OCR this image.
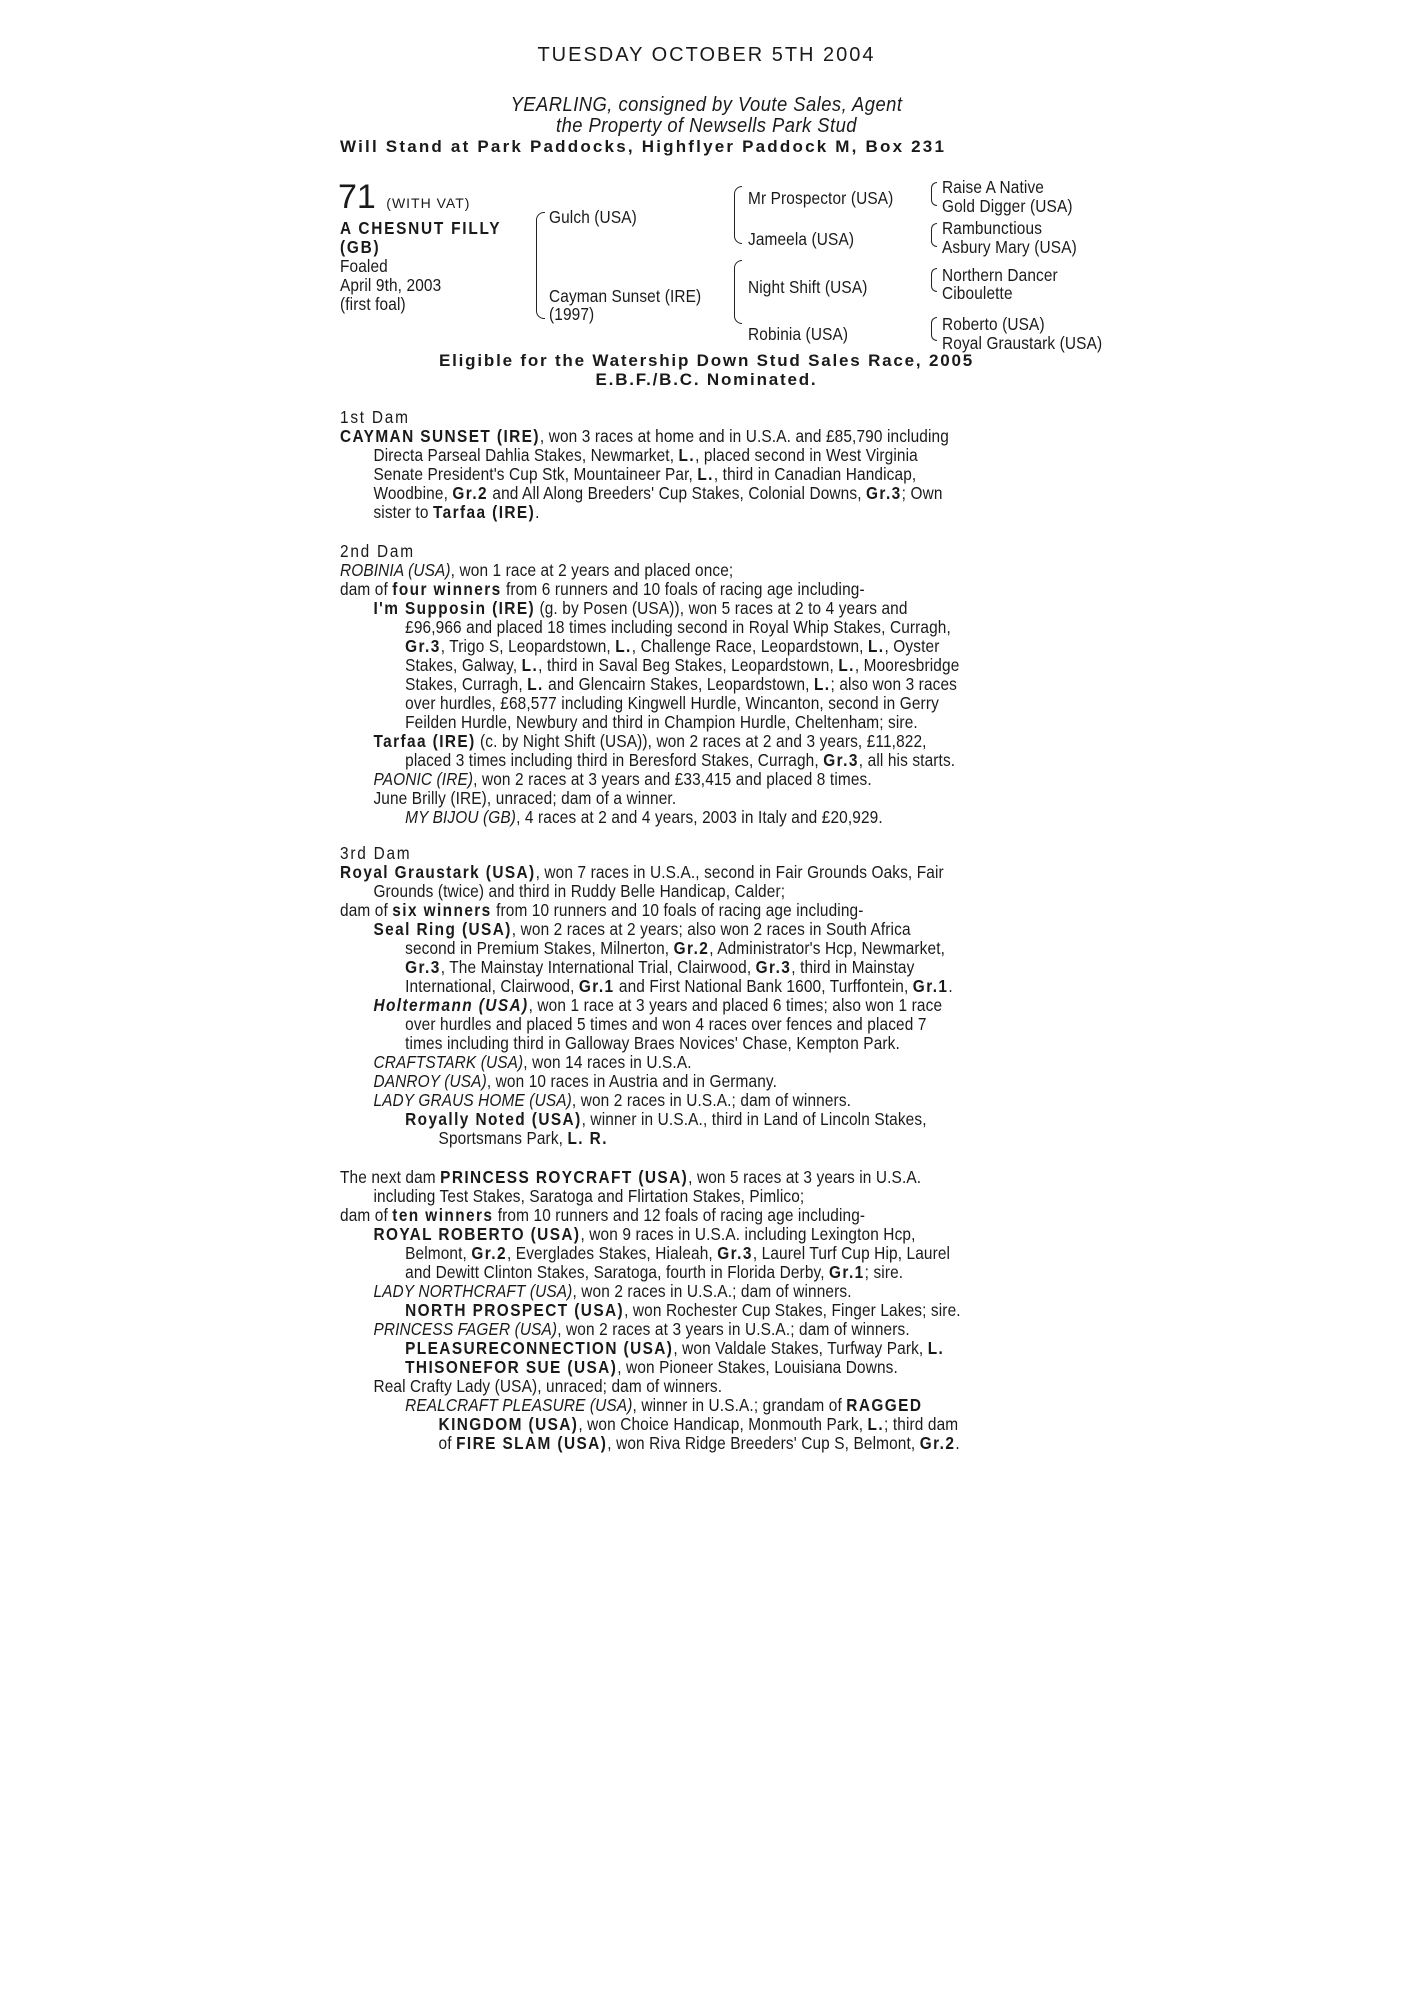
TUESDAY OCTOBER 5TH 2004
YEARLING, consigned by Voute Sales, Agent
the Property of Newsells Park Stud
Will Stand at Park Paddocks, Highflyer Paddock M, Box 231
71 (WITH VAT)
A CHESNUT FILLY
(GB)
Foaled
April 9th, 2003
(first foal)
Gulch (USA)
Cayman Sunset (IRE)
(1997)
Mr Prospector (USA)
Jameela (USA)
Night Shift (USA)
Robinia (USA)
Raise A Native
Gold Digger (USA)
Rambunctious
Asbury Mary (USA)
Northern Dancer
Ciboulette
Roberto (USA)
Royal Graustark (USA)
Eligible for the Watership Down Stud Sales Race, 2005
E.B.F./B.C. Nominated.
1st Dam
CAYMAN SUNSET (IRE), won 3 races at home and in U.S.A. and £85,790 including
Directa Parseal Dahlia Stakes, Newmarket, L., placed second in West Virginia
Senate President's Cup Stk, Mountaineer Par, L., third in Canadian Handicap,
Woodbine, Gr.2 and All Along Breeders' Cup Stakes, Colonial Downs, Gr.3; Own
sister to Tarfaa (IRE).
2nd Dam
ROBINIA (USA), won 1 race at 2 years and placed once;
dam of four winners from 6 runners and 10 foals of racing age including-
I'm Supposin (IRE) (g. by Posen (USA)), won 5 races at 2 to 4 years and
£96,966 and placed 18 times including second in Royal Whip Stakes, Curragh,
Gr.3, Trigo S, Leopardstown, L., Challenge Race, Leopardstown, L., Oyster
Stakes, Galway, L., third in Saval Beg Stakes, Leopardstown, L., Mooresbridge
Stakes, Curragh, L. and Glencairn Stakes, Leopardstown, L.; also won 3 races
over hurdles, £68,577 including Kingwell Hurdle, Wincanton, second in Gerry
Feilden Hurdle, Newbury and third in Champion Hurdle, Cheltenham; sire.
Tarfaa (IRE) (c. by Night Shift (USA)), won 2 races at 2 and 3 years, £11,822,
placed 3 times including third in Beresford Stakes, Curragh, Gr.3, all his starts.
PAONIC (IRE), won 2 races at 3 years and £33,415 and placed 8 times.
June Brilly (IRE), unraced; dam of a winner.
MY BIJOU (GB), 4 races at 2 and 4 years, 2003 in Italy and £20,929.
3rd Dam
Royal Graustark (USA), won 7 races in U.S.A., second in Fair Grounds Oaks, Fair
Grounds (twice) and third in Ruddy Belle Handicap, Calder;
dam of six winners from 10 runners and 10 foals of racing age including-
Seal Ring (USA), won 2 races at 2 years; also won 2 races in South Africa
second in Premium Stakes, Milnerton, Gr.2, Administrator's Hcp, Newmarket,
Gr.3, The Mainstay International Trial, Clairwood, Gr.3, third in Mainstay
International, Clairwood, Gr.1 and First National Bank 1600, Turffontein, Gr.1.
Holtermann (USA), won 1 race at 3 years and placed 6 times; also won 1 race
over hurdles and placed 5 times and won 4 races over fences and placed 7
times including third in Galloway Braes Novices' Chase, Kempton Park.
CRAFTSTARK (USA), won 14 races in U.S.A.
DANROY (USA), won 10 races in Austria and in Germany.
LADY GRAUS HOME (USA), won 2 races in U.S.A.; dam of winners.
Royally Noted (USA), winner in U.S.A., third in Land of Lincoln Stakes,
Sportsmans Park, L. R.
The next dam PRINCESS ROYCRAFT (USA), won 5 races at 3 years in U.S.A.
including Test Stakes, Saratoga and Flirtation Stakes, Pimlico;
dam of ten winners from 10 runners and 12 foals of racing age including-
ROYAL ROBERTO (USA), won 9 races in U.S.A. including Lexington Hcp,
Belmont, Gr.2, Everglades Stakes, Hialeah, Gr.3, Laurel Turf Cup Hip, Laurel
and Dewitt Clinton Stakes, Saratoga, fourth in Florida Derby, Gr.1; sire.
LADY NORTHCRAFT (USA), won 2 races in U.S.A.; dam of winners.
NORTH PROSPECT (USA), won Rochester Cup Stakes, Finger Lakes; sire.
PRINCESS FAGER (USA), won 2 races at 3 years in U.S.A.; dam of winners.
PLEASURECONNECTION (USA), won Valdale Stakes, Turfway Park, L.
THISONEFOR SUE (USA), won Pioneer Stakes, Louisiana Downs.
Real Crafty Lady (USA), unraced; dam of winners.
REALCRAFT PLEASURE (USA), winner in U.S.A.; grandam of RAGGED
KINGDOM (USA), won Choice Handicap, Monmouth Park, L.; third dam
of FIRE SLAM (USA), won Riva Ridge Breeders' Cup S, Belmont, Gr.2.
